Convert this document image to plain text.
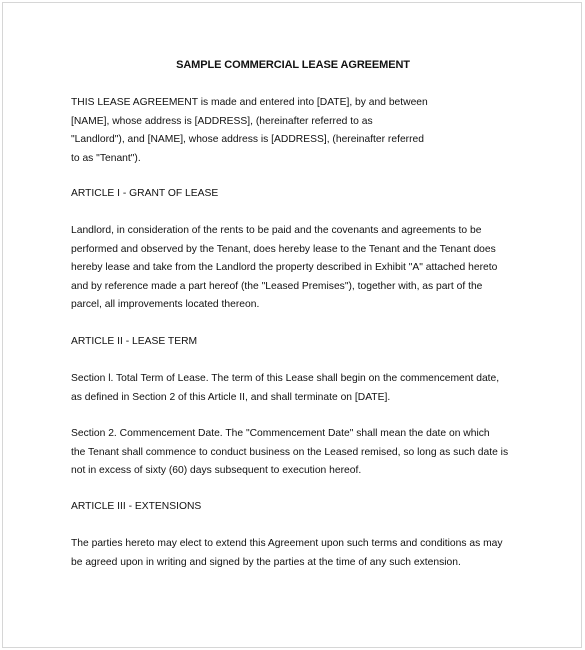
SAMPLE COMMERCIAL LEASE AGREEMENT
THIS LEASE AGREEMENT is made and entered into [DATE], by and between
[NAME], whose address is [ADDRESS], (hereinafter referred to as
"Landlord"), and [NAME], whose address is [ADDRESS], (hereinafter referred
to as "Tenant").
ARTICLE I - GRANT OF LEASE
Landlord, in consideration of the rents to be paid and the covenants and agreements to be
performed and observed by the Tenant, does hereby lease to the Tenant and the Tenant does
hereby lease and take from the Landlord the property described in Exhibit "A" attached hereto
and by reference made a part hereof (the "Leased Premises"), together with, as part of the
parcel, all improvements located thereon.
ARTICLE II - LEASE TERM
Section l. Total Term of Lease. The term of this Lease shall begin on the commencement date,
as defined in Section 2 of this Article II, and shall terminate on [DATE].
Section 2. Commencement Date. The "Commencement Date" shall mean the date on which
the Tenant shall commence to conduct business on the Leased remised, so long as such date is
not in excess of sixty (60) days subsequent to execution hereof.
ARTICLE III - EXTENSIONS
The parties hereto may elect to extend this Agreement upon such terms and conditions as may
be agreed upon in writing and signed by the parties at the time of any such extension.
